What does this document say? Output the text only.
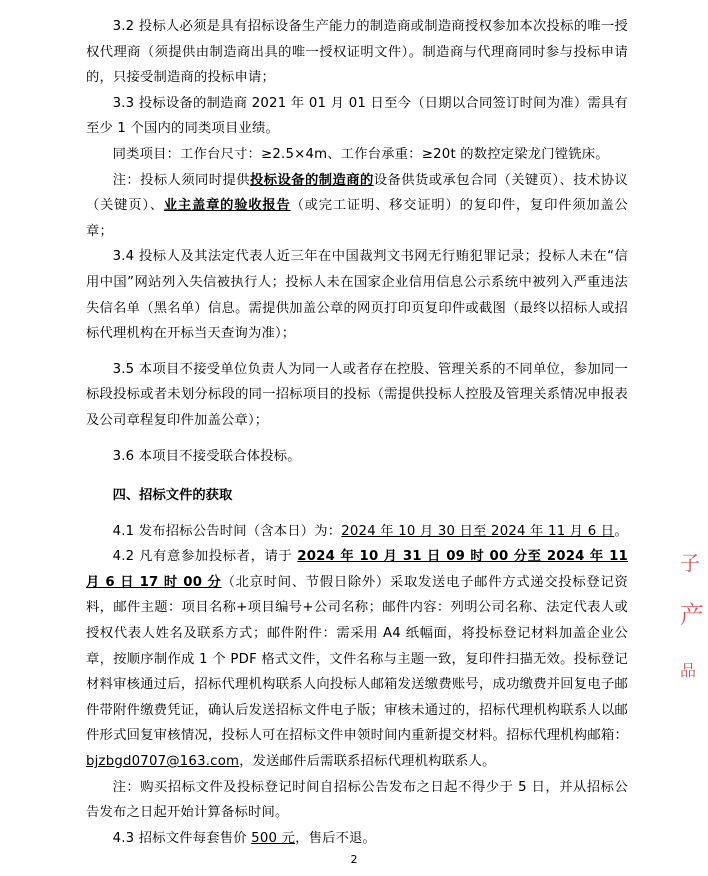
3.2 投标人必须是具有招标设备生产能力的制造商或制造商授权参加本次投标的唯一授权代理商（须提供由制造商出具的唯一授权证明文件）。制造商与代理商同时参与投标申请的，只接受制造商的投标申请；

3.3 投标设备的制造商 2021 年 01 月 01 日至今（日期以合同签订时间为准）需具有至少 1 个国内的同类项目业绩。

同类项目：工作台尺寸：≥2.5×4m、工作台承重：≥20t 的数控定梁龙门镗铣床。

注：投标人须同时提供投标设备的制造商的设备供货或承包合同（关键页）、技术协议（关键页）、业主盖章的验收报告（或完工证明、移交证明）的复印件，复印件须加盖公章；

3.4 投标人及其法定代表人近三年在中国裁判文书网无行贿犯罪记录；投标人未在“信用中国”网站列入失信被执行人；投标人未在国家企业信用信息公示系统中被列入严重违法失信名单（黑名单）信息。需提供加盖公章的网页打印页复印件或截图（最终以招标人或招标代理机构在开标当天查询为准）；

3.5 本项目不接受单位负责人为同一人或者存在控股、管理关系的不同单位，参加同一标段投标或者未划分标段的同一招标项目的投标（需提供投标人控股及管理关系情况申报表及公司章程复印件加盖公章）；

3.6 本项目不接受联合体投标。

四、招标文件的获取

4.1 发布招标公告时间（含本日）为：2024 年 10 月 30 日至 2024 年 11 月 6 日。

4.2 凡有意参加投标者，请于 2024 年 10 月 31 日 09 时 00 分至 2024 年 11 月 6 日 17 时 00 分（北京时间、节假日除外）采取发送电子邮件方式递交投标登记资料，邮件主题：项目名称+项目编号+公司名称；邮件内容：列明公司名称、法定代表人或授权代表人姓名及联系方式；邮件附件：需采用 A4 纸幅面，将投标登记材料加盖企业公章，按顺序制作成 1 个 PDF 格式文件，文件名称与主题一致，复印件扫描无效。投标登记材料审核通过后，招标代理机构联系人向投标人邮箱发送缴费账号，成功缴费并回复电子邮件带附件缴费凭证，确认后发送招标文件电子版；审核未通过的，招标代理机构联系人以邮件形式回复审核情况，投标人可在招标文件申领时间内重新提交材料。招标代理机构邮箱：bjzbgd0707@163.com，发送邮件后需联系招标代理机构联系人。

注：购买招标文件及投标登记时间自招标公告发布之日起不得少于 5 日，并从招标公告发布之日起开始计算备标时间。

4.3 招标文件每套售价 500 元，售后不退。

2
子
产
品
